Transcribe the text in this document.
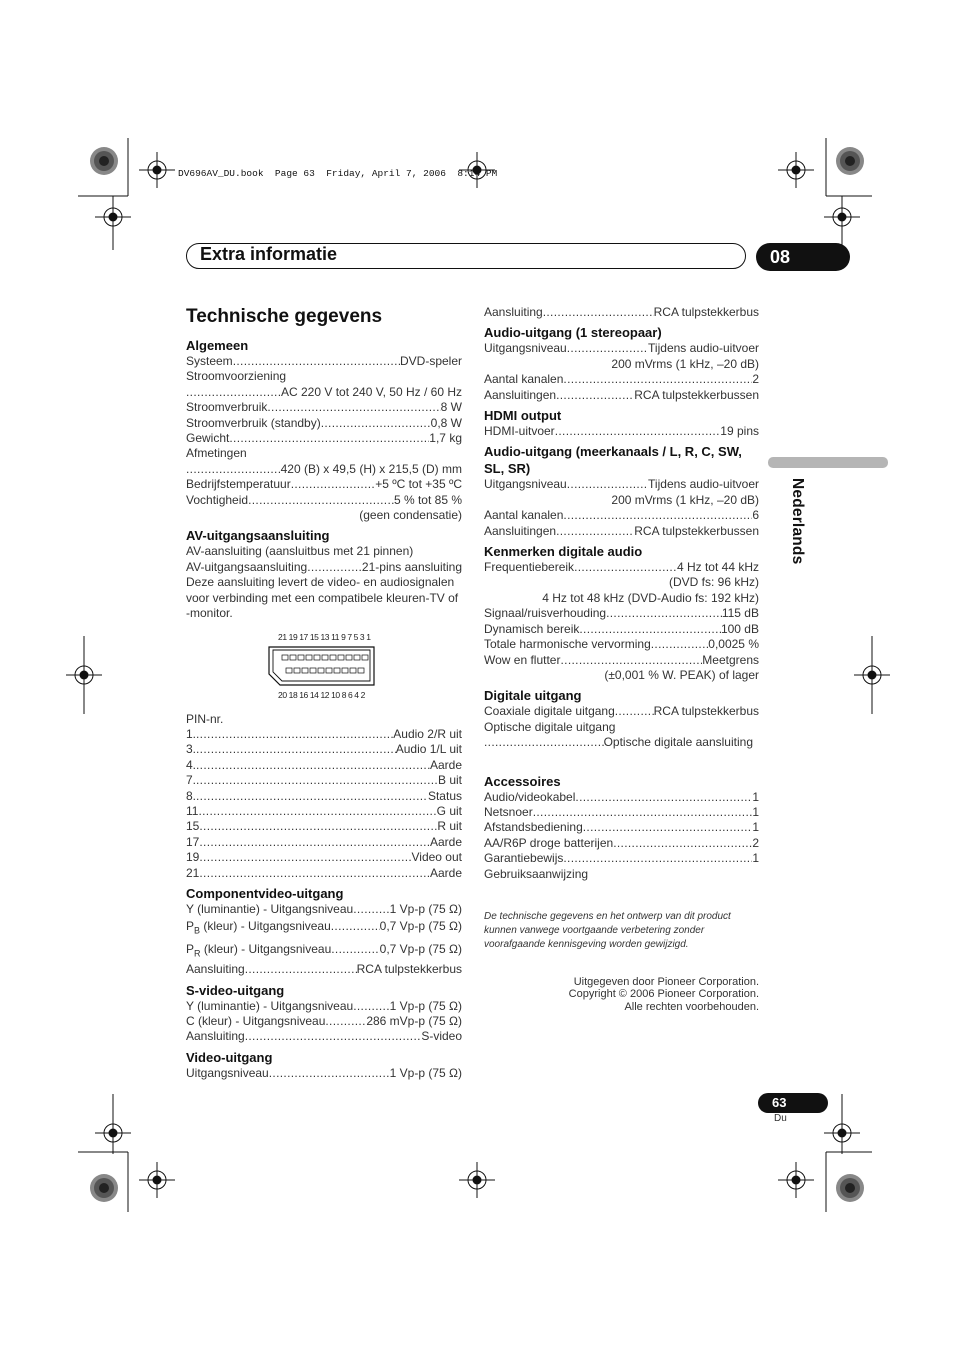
DV696AV_DU.book  Page 63  Friday, April 7, 2006  8:14 PM
Extra informatie	08
Nederlands
Technische gegevens
Algemeen
Systeem . . .	DVD-speler
Stroomvoorziening
. . .
AC 220 V tot 240 V, 50 Hz / 60 Hz
Stroomverbruik . . .	8 W
Stroomverbruik (standby) . . .	0,8 W
Gewicht . . .	1,7 kg
Afmetingen
. . .
420 (B) x 49,5 (H) x 215,5 (D) mm
Bedrijfstemperatuur . . .	+5 ºC tot +35 ºC
Vochtigheid . . .	5 % tot 85 %
(geen condensatie)
AV-uitgangsaansluiting
AV-aansluiting (aansluitbus met 21 pinnen)
AV-uitgangsaansluiting . . .	21-pins aansluiting
Deze aansluiting levert de video- en audiosignalen voor verbinding met een compatibele kleuren-TV of -monitor.
21 19 17 15 13 11 9 7 5 3 1
20 18 16 14 12 10 8 6 4 2
PIN-nr.
1. . . .	Audio 2/R uit
3. . . .	Audio 1/L uit
4. . . .	Aarde
7. . . .	B uit
8. . . .	Status
11 . . .	G uit
15 . . .	R uit
17 . . .	Aarde
19 . . .	Video out
21 . . .	Aarde
Componentvideo-uitgang
Y (luminantie) - Uitgangsniveau . . .	1 Vp-p (75 Ω)
$P_B$ (kleur) - Uitgangsniveau . . .	0,7 Vp-p (75 Ω)
$P_R$ (kleur) - Uitgangsniveau . . .	0,7 Vp-p (75 Ω)
Aansluiting . . .	RCA tulpstekkerbus
S-video-uitgang
Y (luminantie) - Uitgangsniveau . . .	1 Vp-p (75 Ω)
C (kleur) - Uitgangsniveau . . .	286 mVp-p (75 Ω)
Aansluiting . . .	S-video
Video-uitgang
Uitgangsniveau . . .	1 Vp-p (75 Ω)
Aansluiting . . .	RCA tulpstekkerbus
Audio-uitgang (1 stereopaar)
Uitgangsniveau . . .	Tijdens audio-uitvoer
200 mVrms (1 kHz, –20 dB)
Aantal kanalen . . .	2
Aansluitingen . . .	RCA tulpstekkerbussen
HDMI output
HDMI-uitvoer . . .	19 pins
Audio-uitgang (meerkanaals / L, R, C, SW, SL, SR)
Uitgangsniveau . . .	Tijdens audio-uitvoer
200 mVrms (1 kHz, –20 dB)
Aantal kanalen . . .	6
Aansluitingen . . .	RCA tulpstekkerbussen
Kenmerken digitale audio
Frequentiebereik . . .	4 Hz tot 44 kHz
(DVD fs: 96 kHz)
4 Hz tot 48 kHz (DVD-Audio fs: 192 kHz)
Signaal/ruisverhouding . . .	115 dB
Dynamisch bereik . . .	100 dB
Totale harmonische vervorming . . .	0,0025 %
Wow en flutter . . .	Meetgrens
(±0,001 % W. PEAK) of lager
Digitale uitgang
Coaxiale digitale uitgang . . .	RCA tulpstekkerbus
Optische digitale uitgang
. . .
Optische digitale aansluiting
Accessoires
Audio/videokabel . . .	1
Netsnoer . . .	1
Afstandsbediening . . .	1
AA/R6P droge batterijen . . .	2
Garantiebewijs . . .	1
Gebruiksaanwijzing
De technische gegevens en het ontwerp van dit product kunnen vanwege voortgaande verbetering zonder voorafgaande kennisgeving worden gewijzigd.
Uitgegeven door Pioneer Corporation.
Copyright © 2006 Pioneer Corporation.
Alle rechten voorbehouden.
63
Du
